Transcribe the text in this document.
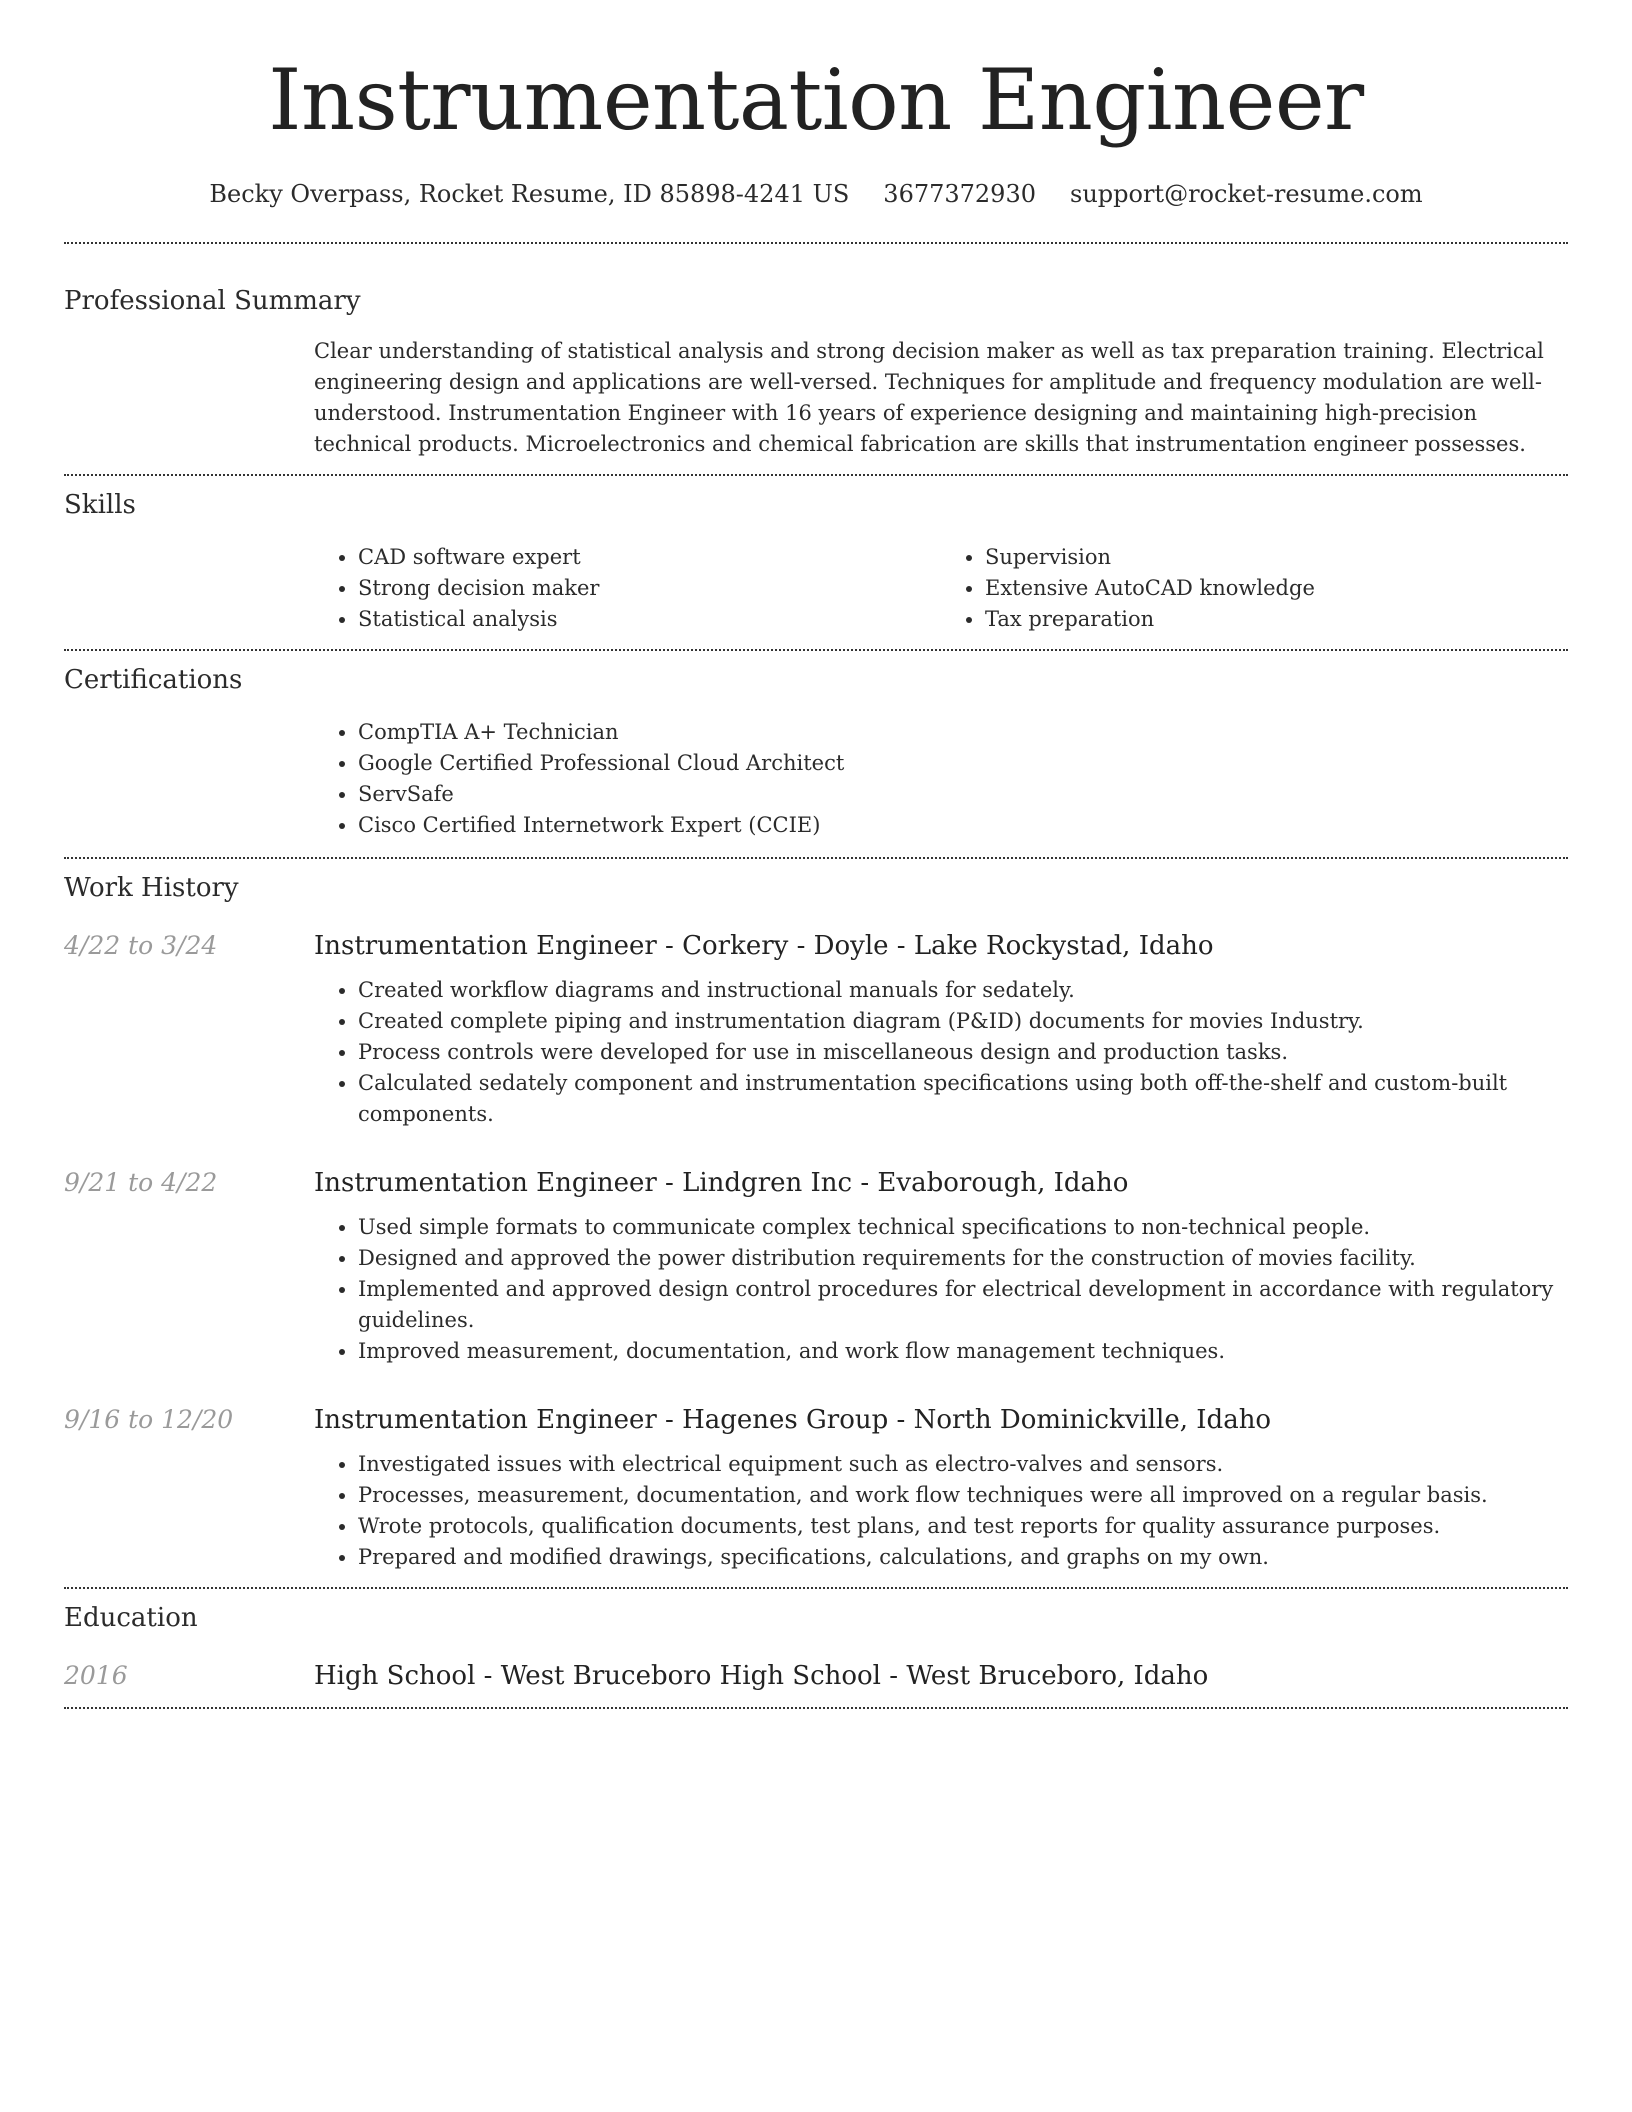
Instrumentation Engineer
Becky Overpass, Rocket Resume, ID 85898-4241 US 3677372930 support@rocket-resume.com
Professional Summary
Clear understanding of statistical analysis and strong decision maker as well as tax preparation training. Electrical engineering design and applications are well-versed. Techniques for amplitude and frequency modulation are well-understood. Instrumentation Engineer with 16 years of experience designing and maintaining high-precision technical products. Microelectronics and chemical fabrication are skills that instrumentation engineer possesses.
Skills
• CAD software expert
• Strong decision maker
• Statistical analysis
• Supervision
• Extensive AutoCAD knowledge
• Tax preparation
Certifications
• CompTIA A+ Technician
• Google Certified Professional Cloud Architect
• ServSafe
• Cisco Certified Internetwork Expert (CCIE)
Work History
4/22 to 3/24	Instrumentation Engineer - Corkery - Doyle - Lake Rockystad, Idaho
• Created workflow diagrams and instructional manuals for sedately.
• Created complete piping and instrumentation diagram (P&ID) documents for movies Industry.
• Process controls were developed for use in miscellaneous design and production tasks.
• Calculated sedately component and instrumentation specifications using both off-the-shelf and custom-built components.
9/21 to 4/22	Instrumentation Engineer - Lindgren Inc - Evaborough, Idaho
• Used simple formats to communicate complex technical specifications to non-technical people.
• Designed and approved the power distribution requirements for the construction of movies facility.
• Implemented and approved design control procedures for electrical development in accordance with regulatory guidelines.
• Improved measurement, documentation, and work flow management techniques.
9/16 to 12/20	Instrumentation Engineer - Hagenes Group - North Dominickville, Idaho
• Investigated issues with electrical equipment such as electro-valves and sensors.
• Processes, measurement, documentation, and work flow techniques were all improved on a regular basis.
• Wrote protocols, qualification documents, test plans, and test reports for quality assurance purposes.
• Prepared and modified drawings, specifications, calculations, and graphs on my own.
Education
2016	High School - West Bruceboro High School - West Bruceboro, Idaho
